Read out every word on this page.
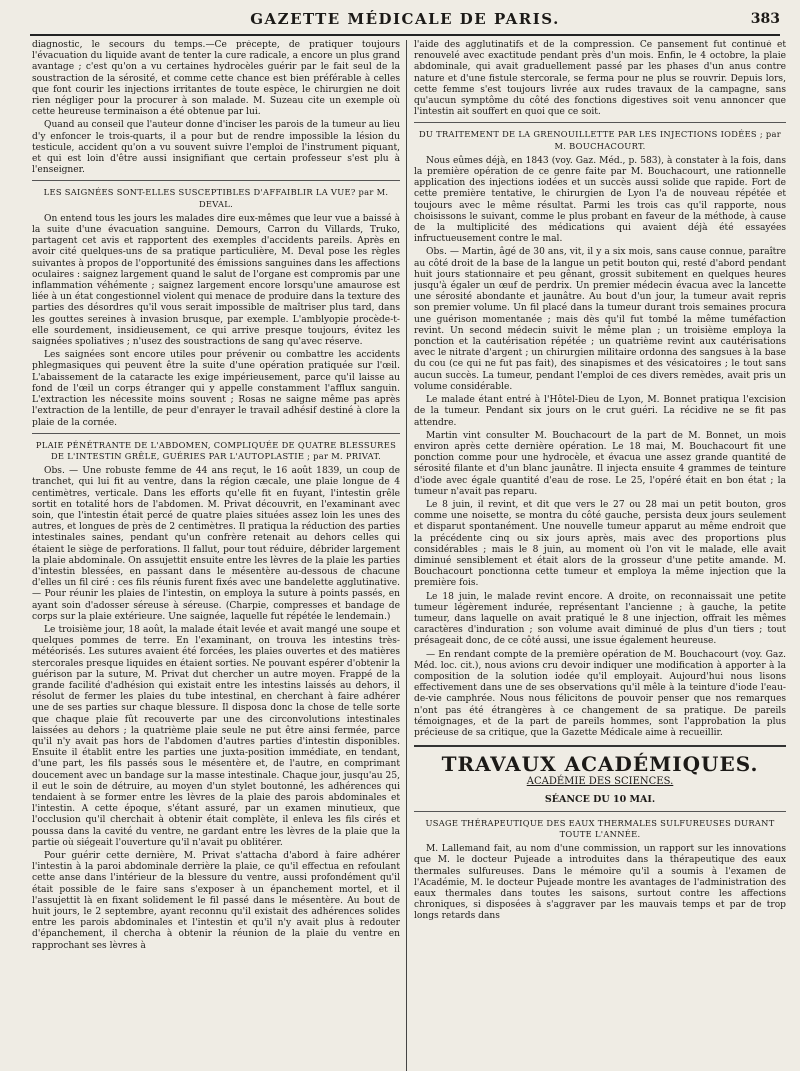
GAZETTE MÉDICALE DE PARIS.	383

diagnostic, le secours du temps.—Ce précepte, de pratiquer toujours l'évacuation du liquide avant de tenter la cure radicale, a encore un plus grand avantage ; c'est qu'on a vu certaines hydrocèles guérir par le fait seul de la soustraction de la sérosité, et comme cette chance est bien préférable à celles que font courir les injections irritantes de toute espèce, le chirurgien ne doit rien négliger pour la procurer à son malade. M. Suzeau cite un exemple où cette heureuse terminaison a été obtenue par lui.

Quand au conseil que l'auteur donne d'inciser les parois de la tumeur au lieu d'y enfoncer le trois-quarts, il a pour but de rendre impossible la lésion du testicule, accident qu'on a vu souvent suivre l'emploi de l'instrument piquant, et qui est loin d'être aussi insignifiant que certain professeur s'est plu à l'enseigner.

LES SAIGNÉES SONT-ELLES SUSCEPTIBLES D'AFFAIBLIR LA VUE? par M. DEVAL.

On entend tous les jours les malades dire eux-mêmes que leur vue a baissé à la suite d'une évacuation sanguine. Demours, Carron du Villards, Truko, partagent cet avis et rapportent des exemples d'accidents pareils. Après en avoir cité quelques-uns de sa pratique particulière, M. Deval pose les règles suivantes à propos de l'opportunité des émissions sanguines dans les affections oculaires : saignez largement quand le salut de l'organe est compromis par une inflammation véhémente ; saignez largement encore lorsqu'une amaurose est liée à un état congestionnel violent qui menace de produire dans la texture des parties des désordres qu'il vous serait impossible de maîtriser plus tard, dans les gouttes sereines à invasion brusque, par exemple. L'amblyopie procède-t-elle sourdement, insidieusement, ce qui arrive presque toujours, évitez les saignées spoliatives ; n'usez des soustractions de sang qu'avec réserve.

Les saignées sont encore utiles pour prévenir ou combattre les accidents phlegmasiques qui peuvent être la suite d'une opération pratiquée sur l'œil. L'abaissement de la cataracte les exige impérieusement, parce qu'il laisse au fond de l'œil un corps étranger qui y appelle constamment l'afflux sanguin. L'extraction les nécessite moins souvent ; Rosas ne saigne même pas après l'extraction de la lentille, de peur d'enrayer le travail adhésif destiné à clore la plaie de la cornée.

PLAIE PÉNÉTRANTE DE L'ABDOMEN, COMPLIQUÉE DE QUATRE BLESSURES DE L'INTESTIN GRÊLE, GUÉRIES PAR L'AUTOPLASTIE ; par M. PRIVAT.

Obs. — Une robuste femme de 44 ans reçut, le 16 août 1839, un coup de tranchet, qui lui fit au ventre, dans la région cæcale, une plaie longue de 4 centimètres, verticale. Dans les efforts qu'elle fit en fuyant, l'intestin grêle sortit en totalité hors de l'abdomen. M. Privat découvrit, en l'examinant avec soin, que l'intestin était percé de quatre plaies situées assez loin les unes des autres, et longues de près de 2 centimètres. Il pratiqua la réduction des parties intestinales saines, pendant qu'un confrère retenait au dehors celles qui étaient le siège de perforations. Il fallut, pour tout réduire, débrider largement la plaie abdominale. On assujettit ensuite entre les lèvres de la plaie les parties d'intestin blessées, en passant dans le mésentère au-dessous de chacune d'elles un fil ciré : ces fils réunis furent fixés avec une bandelette agglutinative. — Pour réunir les plaies de l'intestin, on employa la suture à points passés, en ayant soin d'adosser séreuse à séreuse. (Charpie, compresses et bandage de corps sur la plaie extérieure. Une saignée, laquelle fut répétée le lendemain.)

Le troisième jour, 18 août, la malade était levée et avait mangé une soupe et quelques pommes de terre. En l'examinant, on trouva les intestins très-météorisés. Les sutures avaient été forcées, les plaies ouvertes et des matières stercorales presque liquides en étaient sorties. Ne pouvant espérer d'obtenir la guérison par la suture, M. Privat dut chercher un autre moyen. Frappé de la grande facilité d'adhésion qui existait entre les intestins laissés au dehors, il résolut de fermer les plaies du tube intestinal, en cherchant à faire adhérer une de ses parties sur chaque blessure. Il disposa donc la chose de telle sorte que chaque plaie fût recouverte par une des circonvolutions intestinales laissées au dehors ; la quatrième plaie seule ne put être ainsi fermée, parce qu'il n'y avait pas hors de l'abdomen d'autres parties d'intestin disponibles. Ensuite il établit entre les parties une juxta-position immédiate, en tendant, d'une part, les fils passés sous le mésentère et, de l'autre, en comprimant doucement avec un bandage sur la masse intestinale. Chaque jour, jusqu'au 25, il eut le soin de détruire, au moyen d'un stylet boutonné, les adhérences qui tendaient à se former entre les lèvres de la plaie des parois abdominales et l'intestin. A cette époque, s'étant assuré, par un examen minutieux, que l'occlusion qu'il cherchait à obtenir était complète, il enleva les fils cirés et poussa dans la cavité du ventre, ne gardant entre les lèvres de la plaie que la partie où siégeait l'ouverture qu'il n'avait pu oblitérer.

Pour guérir cette dernière, M. Privat s'attacha d'abord à faire adhérer l'intestin à la paroi abdominale derrière la plaie, ce qu'il effectua en refoulant cette anse dans l'intérieur de la blessure du ventre, aussi profondément qu'il était possible de le faire sans s'exposer à un épanchement mortel, et il l'assujettit là en fixant solidement le fil passé dans le mésentère. Au bout de huit jours, le 2 septembre, ayant reconnu qu'il existait des adhérences solides entre les parois abdominales et l'intestin et qu'il n'y avait plus à redouter d'épanchement, il chercha à obtenir la réunion de la plaie du ventre en rapprochant ses lèvres à

l'aide des agglutinatifs et de la compression. Ce pansement fut continué et renouvelé avec exactitude pendant près d'un mois. Enfin, le 4 octobre, la plaie abdominale, qui avait graduellement passé par les phases d'un anus contre nature et d'une fistule stercorale, se ferma pour ne plus se rouvrir. Depuis lors, cette femme s'est toujours livrée aux rudes travaux de la campagne, sans qu'aucun symptôme du côté des fonctions digestives soit venu annoncer que l'intestin ait souffert en quoi que ce soit.

DU TRAITEMENT DE LA GRENOUILLETTE PAR LES INJECTIONS IODÉES ; par M. BOUCHACOURT.

Nous eûmes déjà, en 1843 (voy. Gaz. Méd., p. 583), à constater à la fois, dans la première opération de ce genre faite par M. Bouchacourt, une rationnelle application des injections iodées et un succès aussi solide que rapide. Fort de cette première tentative, le chirurgien de Lyon l'a de nouveau répétée et toujours avec le même résultat. Parmi les trois cas qu'il rapporte, nous choisissons le suivant, comme le plus probant en faveur de la méthode, à cause de la multiplicité des médications qui avaient déjà été essayées infructueusement contre le mal.

Obs. — Martin, âgé de 30 ans, vit, il y a six mois, sans cause connue, paraître au côté droit de la base de la langue un petit bouton qui, resté d'abord pendant huit jours stationnaire et peu gênant, grossit subitement en quelques heures jusqu'à égaler un œuf de perdrix. Un premier médecin évacua avec la lancette une sérosité abondante et jaunâtre. Au bout d'un jour, la tumeur avait repris son premier volume. Un fil placé dans la tumeur durant trois semaines procura une guérison momentanée ; mais dès qu'il fut tombé la même tuméfaction revint. Un second médecin suivit le même plan ; un troisième employa la ponction et la cautérisation répétée ; un quatrième revint aux cautérisations avec le nitrate d'argent ; un chirurgien militaire ordonna des sangsues à la base du cou (ce qui ne fut pas fait), des sinapismes et des vésicatoires ; le tout sans aucun succès. La tumeur, pendant l'emploi de ces divers remèdes, avait pris un volume considérable.

Le malade étant entré à l'Hôtel-Dieu de Lyon, M. Bonnet pratiqua l'excision de la tumeur. Pendant six jours on le crut guéri. La récidive ne se fit pas attendre.

Martin vint consulter M. Bouchacourt de la part de M. Bonnet, un mois environ après cette dernière opération. Le 18 mai, M. Bouchacourt fit une ponction comme pour une hydrocèle, et évacua une assez grande quantité de sérosité filante et d'un blanc jaunâtre. Il injecta ensuite 4 grammes de teinture d'iode avec égale quantité d'eau de rose. Le 25, l'opéré était en bon état ; la tumeur n'avait pas reparu.

Le 8 juin, il revint, et dit que vers le 27 ou 28 mai un petit bouton, gros comme une noisette, se montra du côté gauche, persista deux jours seulement et disparut spontanément. Une nouvelle tumeur apparut au même endroit que la précédente cinq ou six jours après, mais avec des proportions plus considérables ; mais le 8 juin, au moment où l'on vit le malade, elle avait diminué sensiblement et était alors de la grosseur d'une petite amande. M. Bouchacourt ponctionna cette tumeur et employa la même injection que la première fois.

Le 18 juin, le malade revint encore. A droite, on reconnaissait une petite tumeur légèrement indurée, représentant l'ancienne ; à gauche, la petite tumeur, dans laquelle on avait pratiqué le 8 une injection, offrait les mêmes caractères d'induration ; son volume avait diminué de plus d'un tiers ; tout présageait donc, de ce côté aussi, une issue également heureuse.

— En rendant compte de la première opération de M. Bouchacourt (voy. Gaz. Méd. loc. cit.), nous avions cru devoir indiquer une modification à apporter à la composition de la solution iodée qu'il employait. Aujourd'hui nous lisons effectivement dans une de ses observations qu'il mêle à la teinture d'iode l'eau-de-vie camphrée. Nous nous félicitons de pouvoir penser que nos remarques n'ont pas été étrangères à ce changement de sa pratique. De pareils témoignages, et de la part de pareils hommes, sont l'approbation la plus précieuse de sa critique, que la Gazette Médicale aime à recueillir.

TRAVAUX ACADÉMIQUES.

ACADÉMIE DES SCIENCES.

SÉANCE DU 10 MAI.

USAGE THÉRAPEUTIQUE DES EAUX THERMALES SULFUREUSES DURANT TOUTE L'ANNÉE.

M. Lallemand fait, au nom d'une commission, un rapport sur les innovations que M. le docteur Pujeade a introduites dans la thérapeutique des eaux thermales sulfureuses. Dans le mémoire qu'il a soumis à l'examen de l'Académie, M. le docteur Pujeade montre les avantages de l'administration des eaux thermales dans toutes les saisons, surtout contre les affections chroniques, si disposées à s'aggraver par les mauvais temps et par de trop longs retards dans
